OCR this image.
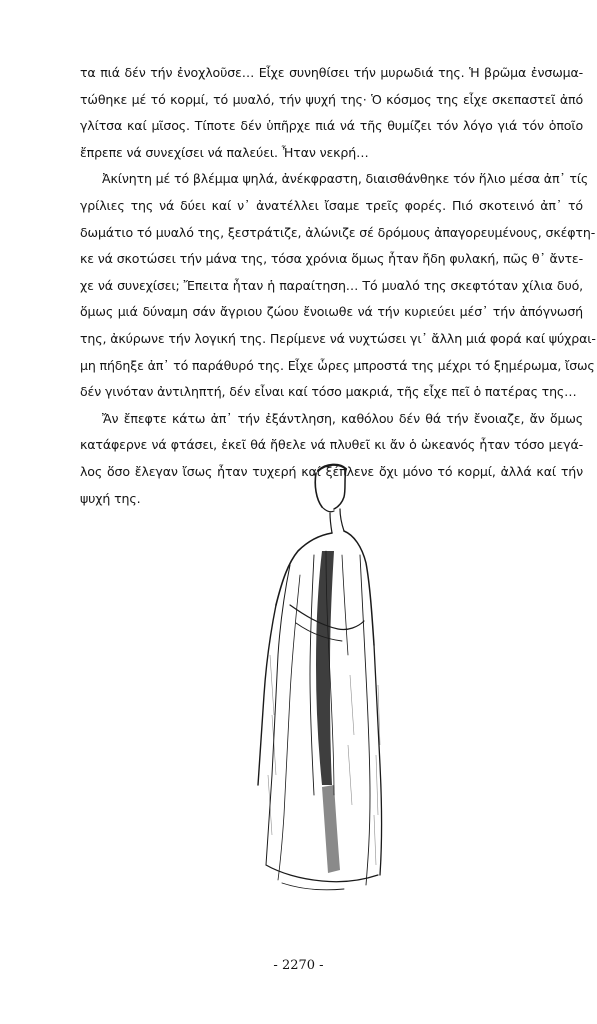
τα πιά δέν τήν ἐνοχλοῦσε… Εἶχε συνηθίσει τήν μυρωδιά της. Ἡ βρῶμα ἐνσωμα-
τώθηκε μέ τό κορμί, τό μυαλό, τήν ψυχή της· Ὁ κόσμος της εἶχε σκεπαστεῖ ἀπό
γλίτσα καί μῖσος. Τίποτε δέν ὑπῆρχε πιά νά τῆς θυμίζει τόν λόγο γιά τόν ὁποῖο
ἔπρεπε νά συνεχίσει νά παλεύει. Ἦταν νεκρή…
Ἀκίνητη μέ τό βλέμμα ψηλά, ἀνέκφραστη, διαισθάνθηκε τόν ἥλιο μέσα ἀπ᾽ τίς
γρίλιες της νά δύει καί ν᾽ ἀνατέλλει ἴσαμε τρεῖς φορές. Πιό σκοτεινό ἀπ᾽ τό
δωμάτιο τό μυαλό της, ξεστράτιζε, ἀλώνιζε σέ δρόμους ἀπαγορευμένους, σκέφτη-
κε νά σκοτώσει τήν μάνα της, τόσα χρόνια ὅμως ἦταν ἤδη φυλακή, πῶς θ᾽ ἄντε-
χε νά συνεχίσει; Ἔπειτα ἦταν ἡ παραίτηση… Τό μυαλό της σκεφτόταν χίλια δυό,
ὅμως μιά δύναμη σάν ἄγριου ζώου ἔνοιωθε νά τήν κυριεύει μέσ᾽ τήν ἀπόγνωσή
της, ἀκύρωνε τήν λογική της. Περίμενε νά νυχτώσει γι᾽ ἄλλη μιά φορά καί ψύχραι-
μη πήδηξε ἀπ᾽ τό παράθυρό της. Εἶχε ὧρες μπροστά της μέχρι τό ξημέρωμα, ἴσως
δέν γινόταν ἀντιληπτή, δέν εἶναι καί τόσο μακριά, τῆς εἶχε πεῖ ὁ πατέρας της…
Ἄν ἔπεφτε κάτω ἀπ᾽ τήν ἐξάντληση, καθόλου δέν θά τήν ἔνοιαζε, ἄν ὅμως
κατάφερνε νά φτάσει, ἐκεῖ θά ἤθελε νά πλυθεῖ κι ἄν ὁ ὠκεανός ἦταν τόσο μεγά-
λος ὅσο ἔλεγαν ἴσως ἦταν τυχερή καί ξέπλενε ὄχι μόνο τό κορμί, ἀλλά καί τήν
ψυχή της.
- 2270 -
